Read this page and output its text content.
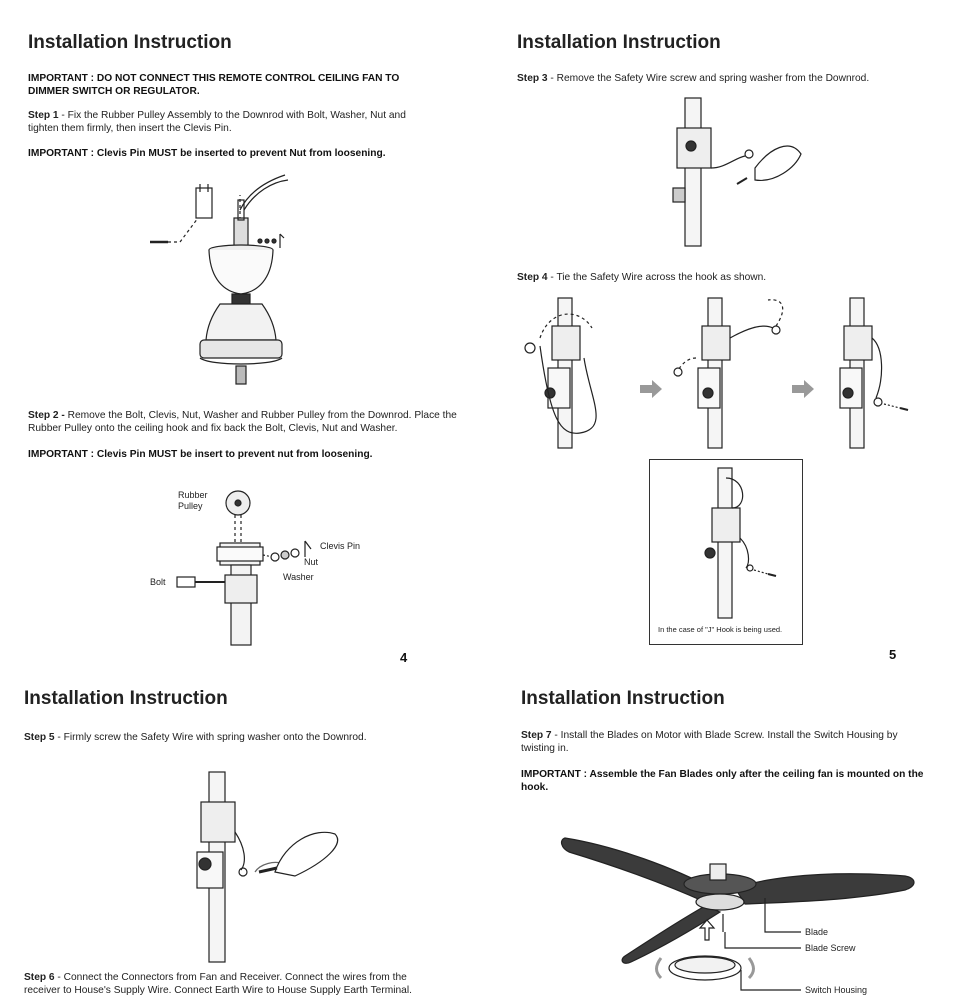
Installation Instruction
IMPORTANT : DO NOT CONNECT THIS REMOTE CONTROL CEILING FAN TO DIMMER SWITCH OR REGULATOR.
Step 1 - Fix the Rubber Pulley Assembly to the Downrod with Bolt, Washer, Nut and tighten them firmly, then insert the Clevis Pin.
IMPORTANT : Clevis Pin MUST be inserted to prevent Nut from loosening.
Step 2 - Remove the Bolt, Clevis, Nut, Washer and Rubber Pulley from the Downrod. Place the Rubber Pulley onto the ceiling hook and fix back the Bolt, Clevis, Nut and Washer.
IMPORTANT : Clevis Pin MUST be insert to prevent nut from loosening.
Rubber
Pulley
Clevis Pin
Nut
Washer
Bolt
4
Installation Instruction
Step 3 - Remove the Safety Wire screw and spring washer from the Downrod.
Step 4 - Tie the Safety Wire across the hook as shown.
In the case of "J" Hook is being used.
5
Installation Instruction
Step 5 - Firmly screw the Safety Wire with spring washer onto the Downrod.
Step 6 - Connect the Connectors from Fan and Receiver. Connect the wires from the receiver to House's Supply Wire. Connect Earth Wire to House Supply Earth Terminal.
Installation Instruction
Step 7 - Install the Blades on Motor with Blade Screw. Install the Switch Housing by twisting in.
IMPORTANT : Assemble the Fan Blades only after the ceiling fan is mounted on the hook.
Blade
Blade Screw
Switch Housing
